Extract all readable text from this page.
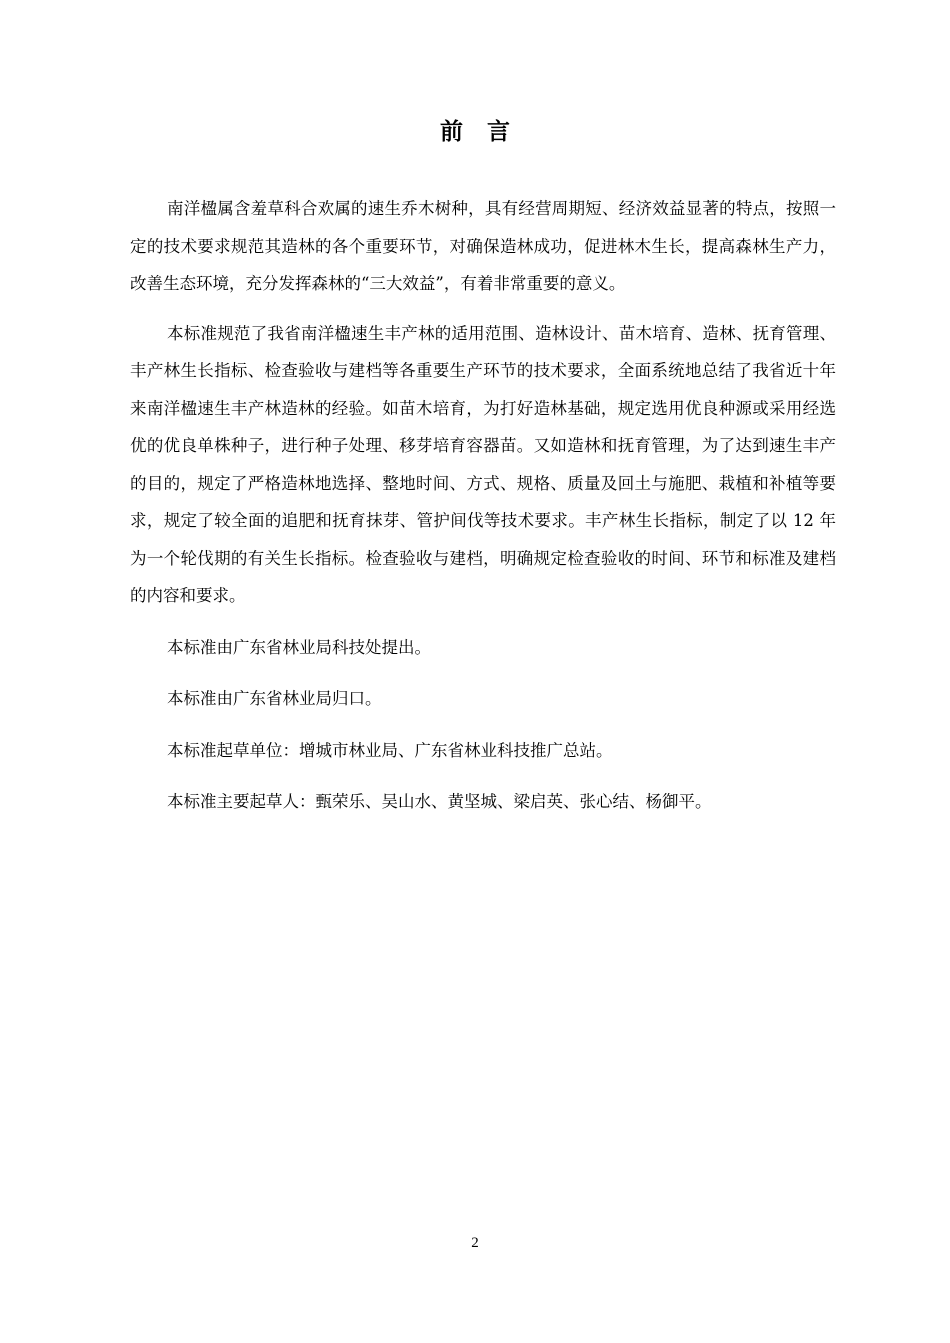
前言

南洋楹属含羞草科合欢属的速生乔木树种，具有经营周期短、经济效益显著的特点，按照一定的技术要求规范其造林的各个重要环节，对确保造林成功，促进林木生长，提高森林生产力，改善生态环境，充分发挥森林的“三大效益”，有着非常重要的意义。

本标准规范了我省南洋楹速生丰产林的适用范围、造林设计、苗木培育、造林、抚育管理、丰产林生长指标、检查验收与建档等各重要生产环节的技术要求，全面系统地总结了我省近十年来南洋楹速生丰产林造林的经验。如苗木培育，为打好造林基础，规定选用优良种源或采用经选优的优良单株种子，进行种子处理、移芽培育容器苗。又如造林和抚育管理，为了达到速生丰产的目的，规定了严格造林地选择、整地时间、方式、规格、质量及回土与施肥、栽植和补植等要求，规定了较全面的追肥和抚育抹芽、管护间伐等技术要求。丰产林生长指标，制定了以 12 年为一个轮伐期的有关生长指标。检查验收与建档，明确规定检查验收的时间、环节和标准及建档的内容和要求。

本标准由广东省林业局科技处提出。

本标准由广东省林业局归口。

本标准起草单位：增城市林业局、广东省林业科技推广总站。

本标准主要起草人：甄荣乐、吴山水、黄坚城、梁启英、张心结、杨御平。

2
